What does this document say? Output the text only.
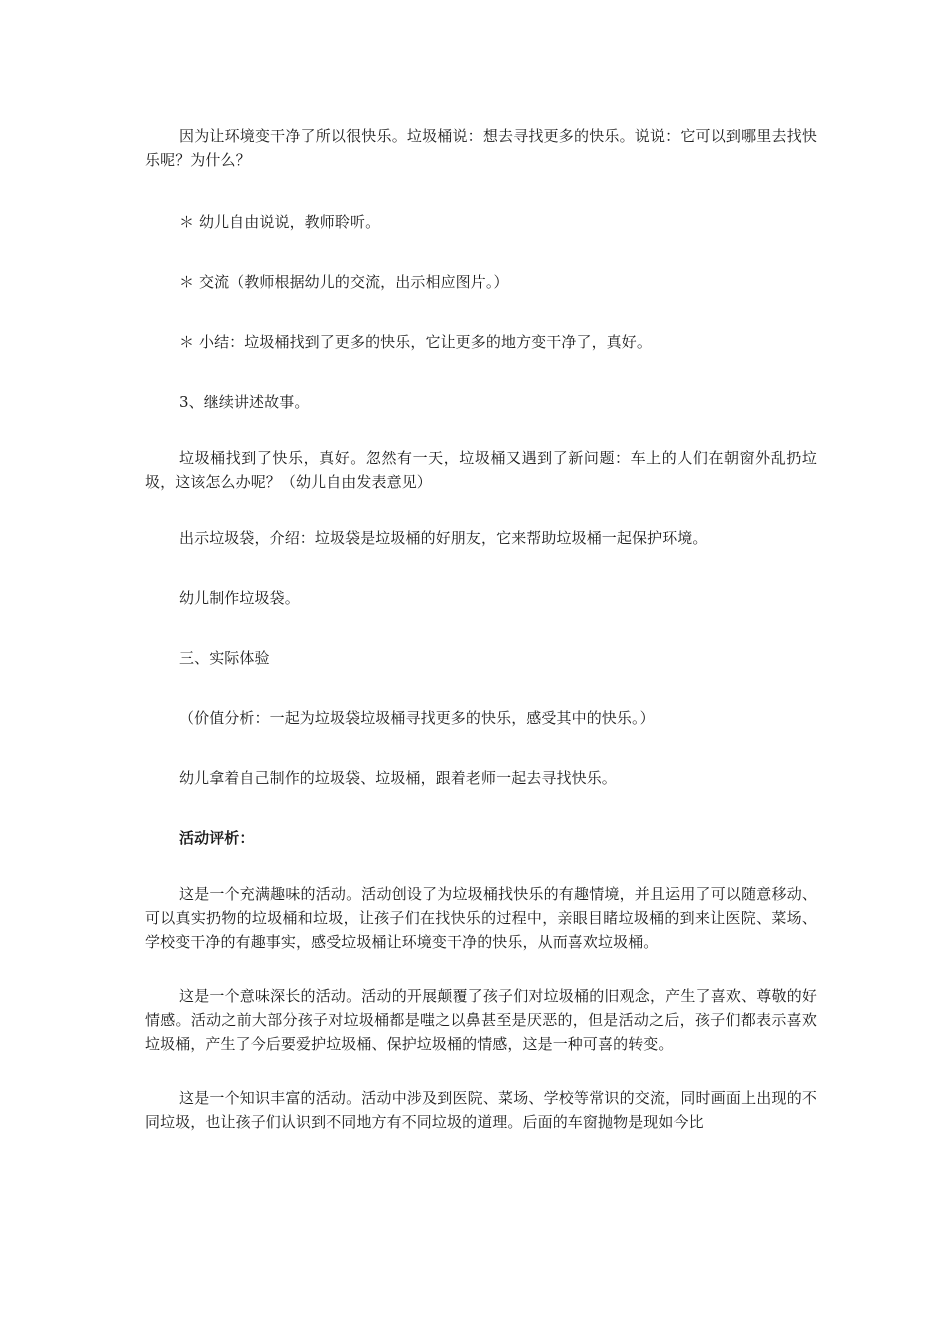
因为让环境变干净了所以很快乐。垃圾桶说：想去寻找更多的快乐。说说：它可以到哪里去找快乐呢？为什么？

＊ 幼儿自由说说，教师聆听。

＊ 交流（教师根据幼儿的交流，出示相应图片。）

＊ 小结：垃圾桶找到了更多的快乐，它让更多的地方变干净了，真好。

3、继续讲述故事。

垃圾桶找到了快乐，真好。忽然有一天，垃圾桶又遇到了新问题：车上的人们在朝窗外乱扔垃圾，这该怎么办呢？（幼儿自由发表意见）

出示垃圾袋，介绍：垃圾袋是垃圾桶的好朋友，它来帮助垃圾桶一起保护环境。

幼儿制作垃圾袋。

三、实际体验

（价值分析：一起为垃圾袋垃圾桶寻找更多的快乐，感受其中的快乐。）

幼儿拿着自己制作的垃圾袋、垃圾桶，跟着老师一起去寻找快乐。

活动评析：

这是一个充满趣味的活动。活动创设了为垃圾桶找快乐的有趣情境，并且运用了可以随意移动、可以真实扔物的垃圾桶和垃圾，让孩子们在找快乐的过程中，亲眼目睹垃圾桶的到来让医院、菜场、学校变干净的有趣事实，感受垃圾桶让环境变干净的快乐，从而喜欢垃圾桶。

这是一个意味深长的活动。活动的开展颠覆了孩子们对垃圾桶的旧观念，产生了喜欢、尊敬的好情感。活动之前大部分孩子对垃圾桶都是嗤之以鼻甚至是厌恶的，但是活动之后，孩子们都表示喜欢垃圾桶，产生了今后要爱护垃圾桶、保护垃圾桶的情感，这是一种可喜的转变。

这是一个知识丰富的活动。活动中涉及到医院、菜场、学校等常识的交流，同时画面上出现的不同垃圾，也让孩子们认识到不同地方有不同垃圾的道理。后面的车窗抛物是现如今比
